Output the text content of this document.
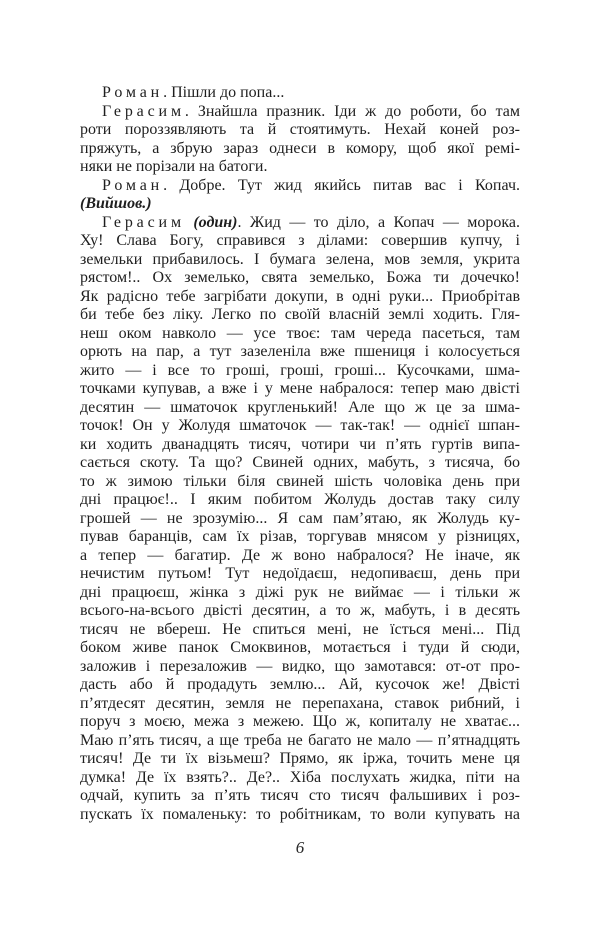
Роман. Пішли до попа...
Герасим. Знайшла празник. Іди ж до роботи, бо там
роти пороззявляють та й стоятимуть. Нехай коней роз-
пряжуть, а збрую зараз однеси в комору, щоб якої ремі-
няки не порізали на батоги.
Роман. Добре. Тут жид якийсь питав вас і Копач.
(Вийшов.)
Герасим (один). Жид — то діло, а Копач — морока.
Ху! Слава Богу, справився з ділами: совершив купчу, і
земельки прибавилось. І бумага зелена, мов земля, укрита
рястом!.. Ох земелько, свята земелько, Божа ти дочечко!
Як радісно тебе загрібати докупи, в одні руки... Приобрітав
би тебе без ліку. Легко по своїй власній землі ходить. Гля-
неш оком навколо — усе твоє: там череда пасеться, там
орють на пар, а тут зазеленіла вже пшениця і колосується
жито — і все то гроші, гроші, гроші... Кусочками, шма-
точками купував, а вже і у мене набралося: тепер маю двісті
десятин — шматочок кругленький! Але що ж це за шма-
точок! Он у Жолудя шматочок — так-так! — однієї шпан-
ки ходить дванадцять тисяч, чотири чи п’ять гуртів випа-
сається скоту. Та що? Свиней одних, мабуть, з тисяча, бо
то ж зимою тільки біля свиней шість чоловіка день при
дні працює!.. І яким побитом Жолудь достав таку силу
грошей — не зрозумію... Я сам пам’ятаю, як Жолудь ку-
пував баранців, сам їх різав, торгував мнясом у різницях,
а тепер — багатир. Де ж воно набралося? Не іначе, як
нечистим путьом! Тут недоїдаєш, недопиваєш, день при
дні працюєш, жінка з діжі рук не виймає — і тільки ж
всього-на-всього двісті десятин, а то ж, мабуть, і в десять
тисяч не вбереш. Не спиться мені, не їсться мені... Під
боком живе панок Смоквинов, мотається і туди й сюди,
заложив і перезаложив — видко, що замотався: от-от про-
дасть або й продадуть землю... Ай, кусочок же! Двісті
п’ятдесят десятин, земля не перепахана, ставок рибний, і
поруч з моєю, межа з межею. Що ж, копиталу не хватає...
Маю п’ять тисяч, а ще треба не багато не мало — п’ятнадцять
тисяч! Де ти їх візьмеш? Прямо, як іржа, точить мене ця
думка! Де їх взять?.. Де?.. Хіба послухать жидка, піти на
одчай, купить за п’ять тисяч сто тисяч фальшивих і роз-
пускать їх помаленьку: то робітникам, то воли купувать на
6
